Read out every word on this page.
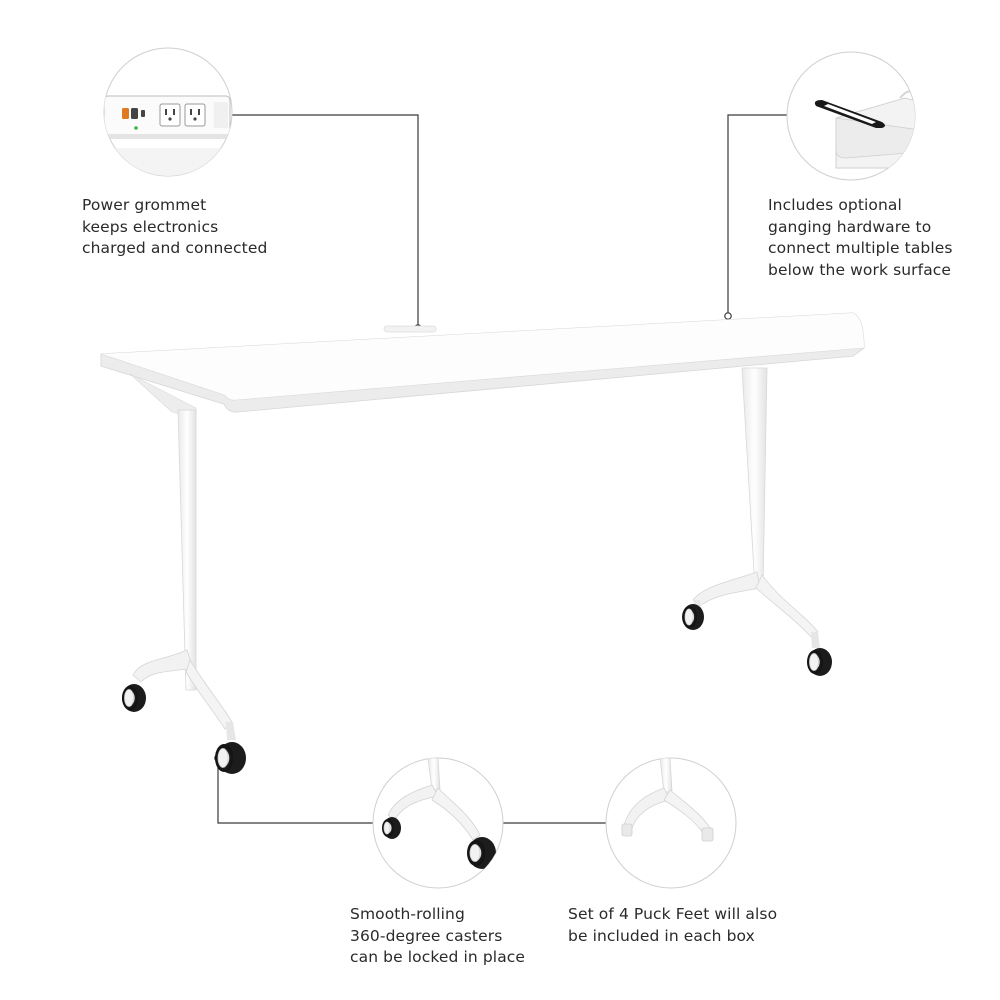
Power grommet
keeps electronics
charged and connected
Includes optional
ganging hardware to
connect multiple tables
below the work surface
Smooth-rolling
360-degree casters
can be locked in place
Set of 4 Puck Feet will also
be included in each box
